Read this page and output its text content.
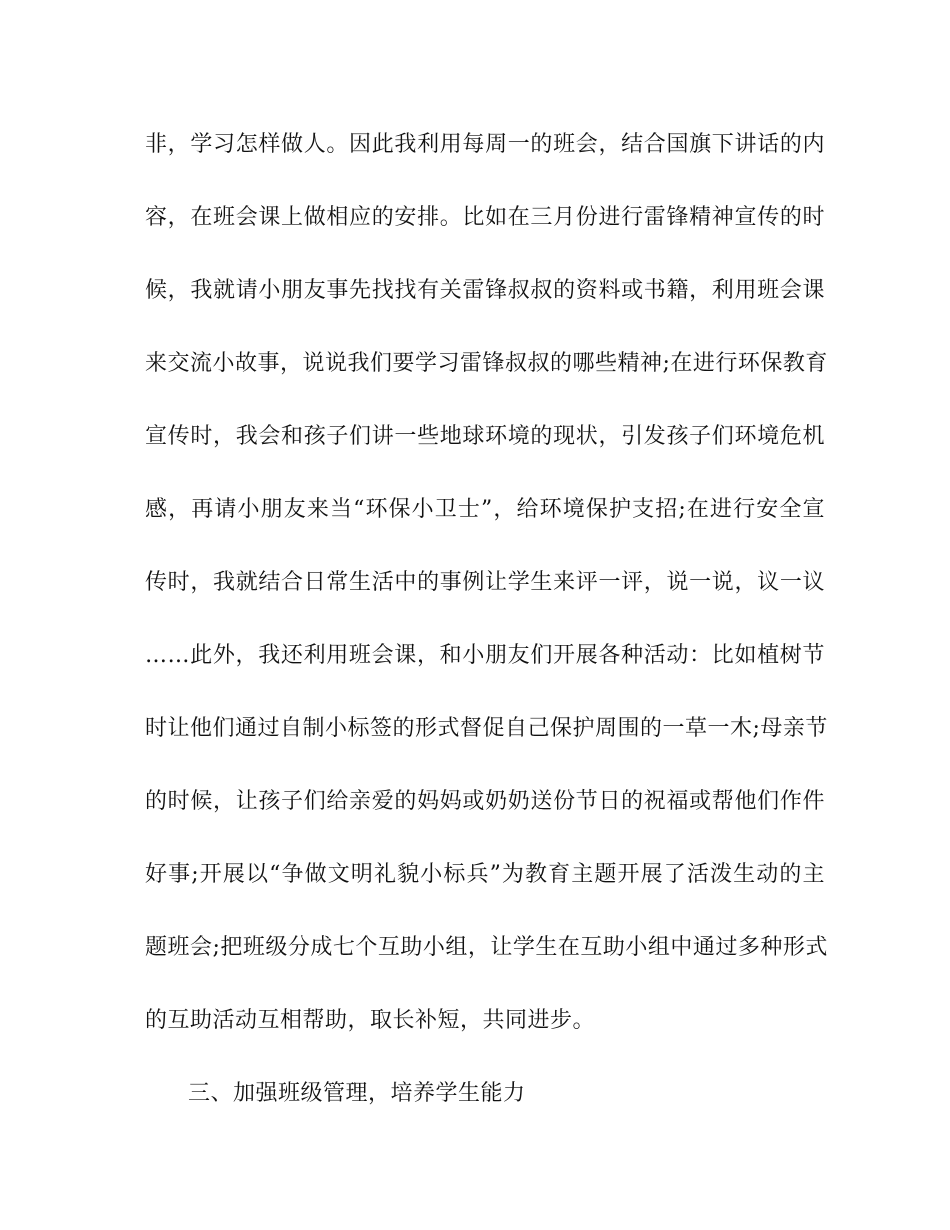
非，学习怎样做人。因此我利用每周一的班会，结合国旗下讲话的内
容，在班会课上做相应的安排。比如在三月份进行雷锋精神宣传的时
候，我就请小朋友事先找找有关雷锋叔叔的资料或书籍，利用班会课
来交流小故事，说说我们要学习雷锋叔叔的哪些精神;在进行环保教育
宣传时，我会和孩子们讲一些地球环境的现状，引发孩子们环境危机
感，再请小朋友来当“环保小卫士”，给环境保护支招;在进行安全宣
传时，我就结合日常生活中的事例让学生来评一评，说一说，议一议
……此外，我还利用班会课，和小朋友们开展各种活动：比如植树节
时让他们通过自制小标签的形式督促自己保护周围的一草一木;母亲节
的时候，让孩子们给亲爱的妈妈或奶奶送份节日的祝福或帮他们作件
好事;开展以“争做文明礼貌小标兵”为教育主题开展了活泼生动的主
题班会;把班级分成七个互助小组，让学生在互助小组中通过多种形式
的互助活动互相帮助，取长补短，共同进步。
三、加强班级管理，培养学生能力
